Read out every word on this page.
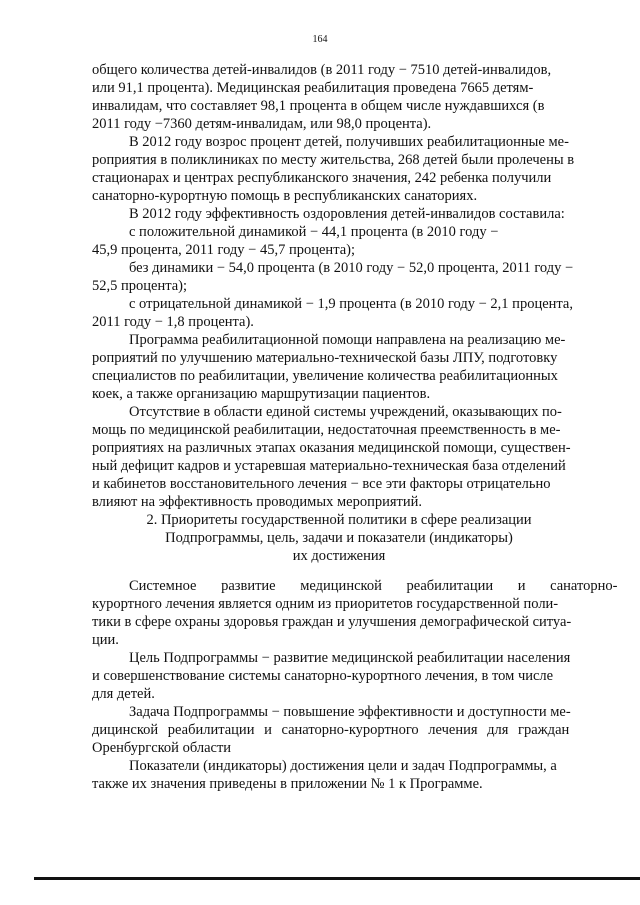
164
общего количества детей-инвалидов (в 2011 году − 7510 детей-инвалидов,
или 91,1 процента). Медицинская реабилитация проведена 7665 детям-
инвалидам, что составляет 98,1 процента в общем числе нуждавшихся (в
2011 году −7360 детям-инвалидам, или 98,0 процента).
В 2012 году возрос процент детей, получивших реабилитационные ме-
роприятия в поликлиниках по месту жительства, 268 детей были пролечены в
стационарах и центрах республиканского значения, 242 ребенка получили
санаторно-курортную помощь в республиканских санаториях.
В 2012 году эффективность оздоровления детей-инвалидов составила:
с положительной динамикой − 44,1 процента (в 2010 году −
45,9 процента, 2011 году − 45,7 процента);
без динамики − 54,0 процента (в 2010 году − 52,0 процента, 2011 году −
52,5 процента);
с отрицательной динамикой − 1,9 процента (в 2010 году − 2,1 процента,
2011 году − 1,8 процента).
Программа реабилитационной помощи направлена на реализацию ме-
роприятий по улучшению материально-технической базы ЛПУ, подготовку
специалистов по реабилитации, увеличение количества реабилитационных
коек, а также организацию маршрутизации пациентов.
Отсутствие в области единой системы учреждений, оказывающих по-
мощь по медицинской реабилитации, недостаточная преемственность в ме-
роприятиях на различных этапах оказания медицинской помощи, существен-
ный дефицит кадров и устаревшая материально-техническая база отделений
и кабинетов восстановительного лечения − все эти факторы отрицательно
влияют на эффективность проводимых мероприятий.
2. Приоритеты государственной политики в сфере реализации
Подпрограммы, цель, задачи и показатели (индикаторы)
их достижения
Системное развитие медицинской реабилитации и санаторно-
курортного лечения является одним из приоритетов государственной поли-
тики в сфере охраны здоровья граждан и улучшения демографической ситуа-
ции.
Цель Подпрограммы − развитие медицинской реабилитации населения
и совершенствование системы санаторно-курортного лечения, в том числе
для детей.
Задача Подпрограммы − повышение эффективности и доступности ме-
дицинской реабилитации и санаторно-курортного лечения для граждан
Оренбургской области
Показатели (индикаторы) достижения цели и задач Подпрограммы, а
также их значения приведены в приложении № 1 к Программе.
